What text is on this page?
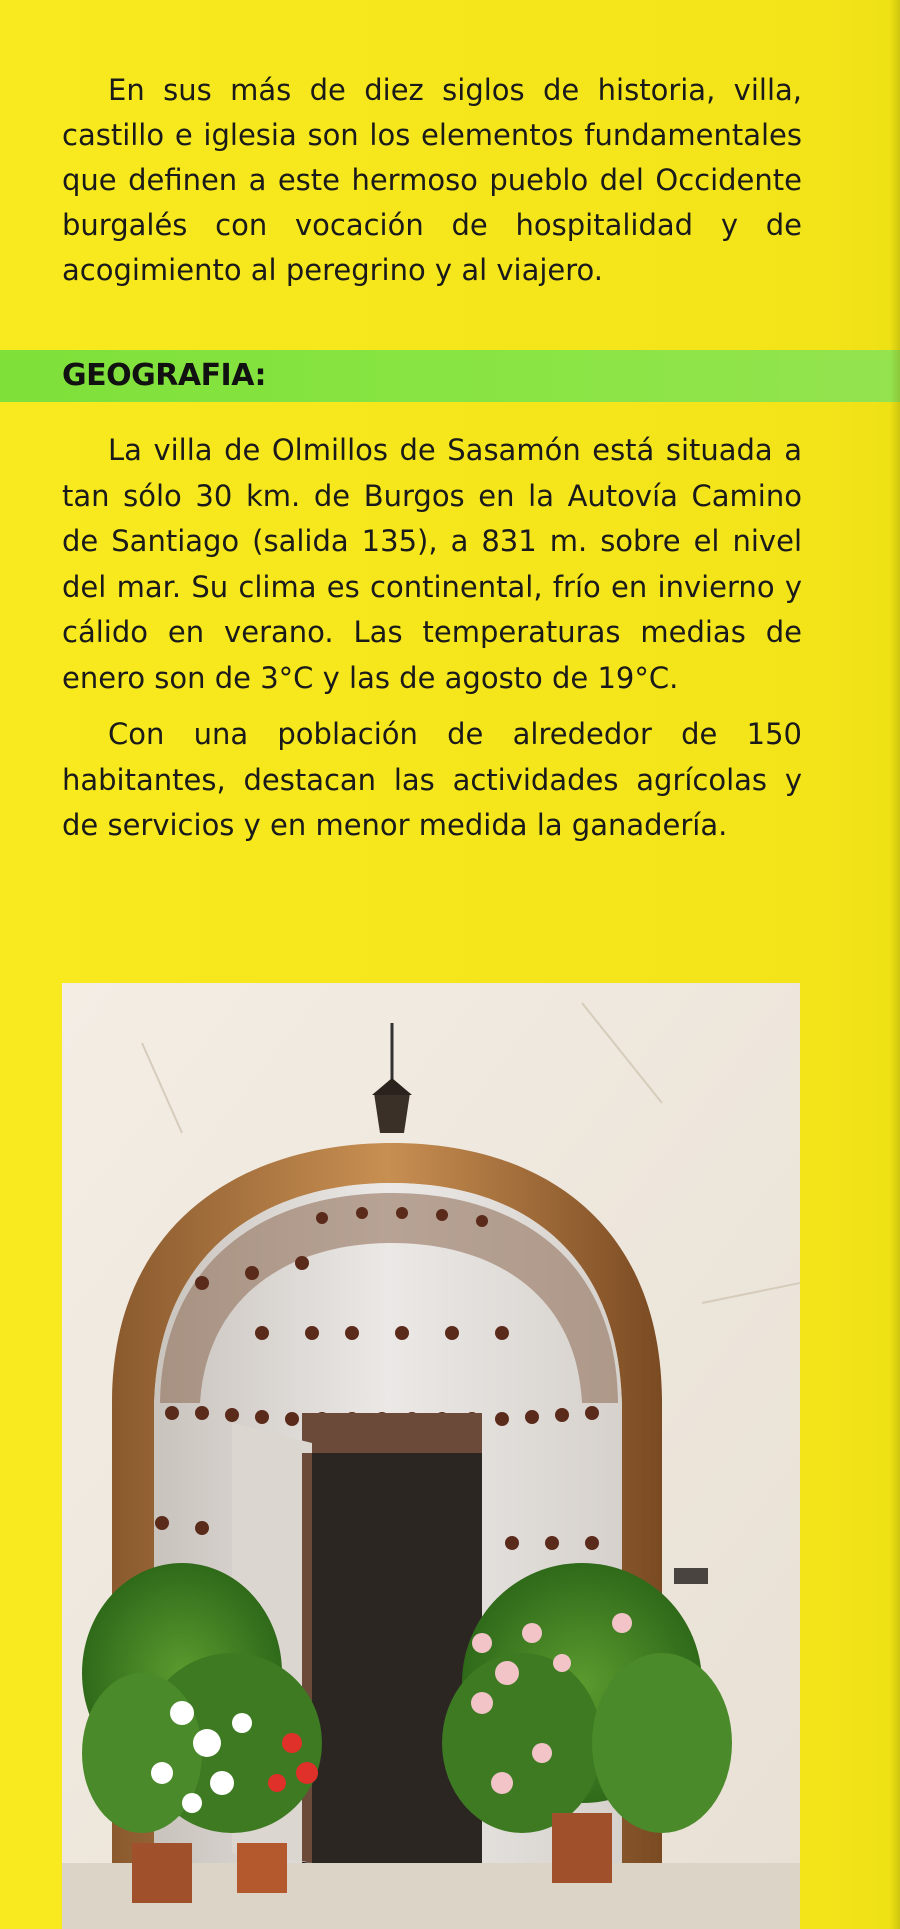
En sus más de diez siglos de historia, villa, castillo e iglesia son los elementos fundamentales que definen a este hermoso pueblo del Occidente burgalés con vocación de hospitalidad y de acogimiento al peregrino y al viajero.

GEOGRAFIA:

La villa de Olmillos de Sasamón está situada a tan sólo 30 km. de Burgos en la Autovía Camino de Santiago (salida 135), a 831 m. sobre el nivel del mar. Su clima es continental, frío en invierno y cálido en verano. Las temperaturas medias de enero son de 3°C y las de agosto de 19°C.

Con una población de alrededor de 150 habitantes, destacan las actividades agrícolas y de servicios y en menor medida la ganadería.
